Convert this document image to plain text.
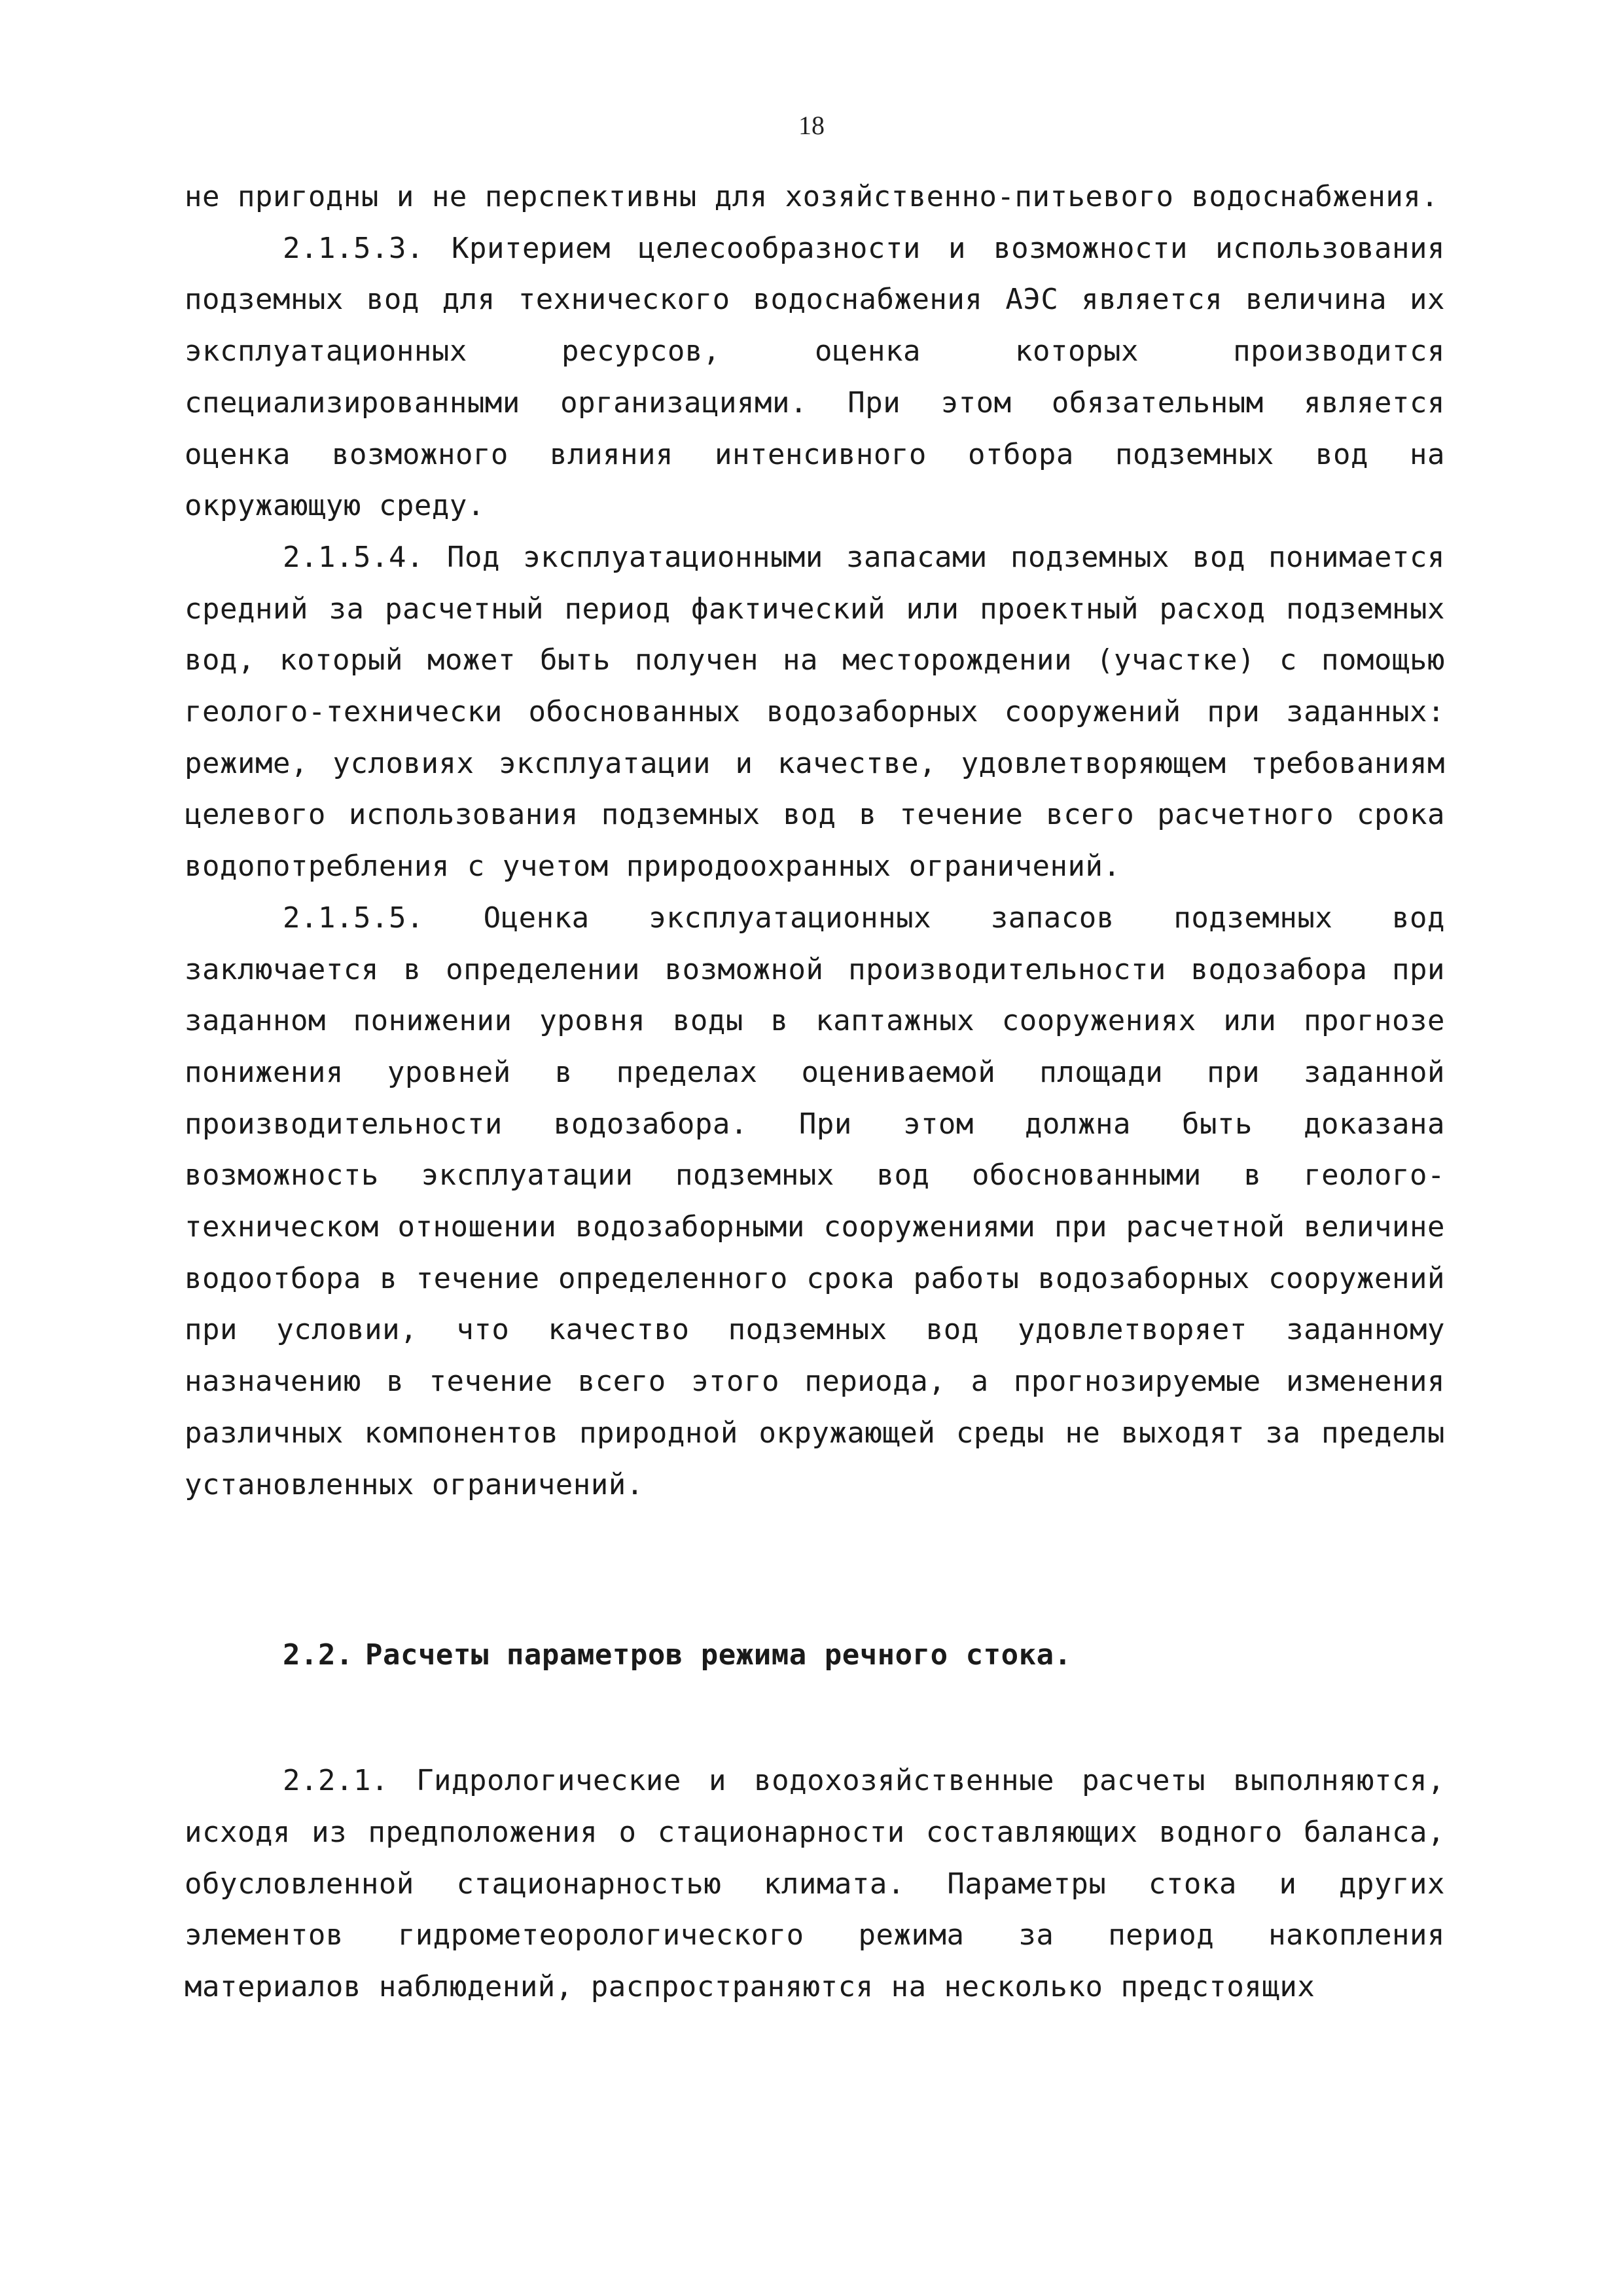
18

не пригодны и не перспективны для хозяйственно-питьевого водоснабжения.

2.1.5.3. Критерием целесообразности и возможности использования подземных вод для технического водоснабжения АЭС является величина их эксплуатационных ресурсов, оценка которых производится специализированными организациями. При этом обязательным является оценка возможного влияния интенсивного отбора подземных вод на окружающую среду.

2.1.5.4. Под эксплуатационными запасами подземных вод понимается средний за расчетный период фактический или проектный расход подземных вод, который может быть получен на месторождении (участке) с помощью геолого-технически обоснованных водозаборных сооружений при заданных: режиме, условиях эксплуатации и качестве, удовлетворяющем требованиям целевого использования подземных вод в течение всего расчетного срока водопотребления с учетом природоохранных ограничений.

2.1.5.5. Оценка эксплуатационных запасов подземных вод заключается в определении возможной производительности водозабора при заданном понижении уровня воды в каптажных сооружениях или прогнозе понижения уровней в пределах оцениваемой площади при заданной производительности водозабора. При этом должна быть доказана возможность эксплуатации подземных вод обоснованными в геолого-техническом отношении водозаборными сооружениями при расчетной величине водоотбора в течение определенного срока работы водозаборных сооружений при условии, что качество подземных вод удовлетворяет заданному назначению в течение всего этого периода, а прогнозируемые изменения различных компонентов природной окружающей среды не выходят за пределы установленных ограничений.

2.2. Расчеты параметров режима речного стока.

2.2.1. Гидрологические и водохозяйственные расчеты выполняются, исходя из предположения о стационарности составляющих водного баланса, обусловленной стационарностью климата. Параметры стока и других элементов гидрометеорологического режима за период накопления материалов наблюдений, распространяются на несколько предстоящих
